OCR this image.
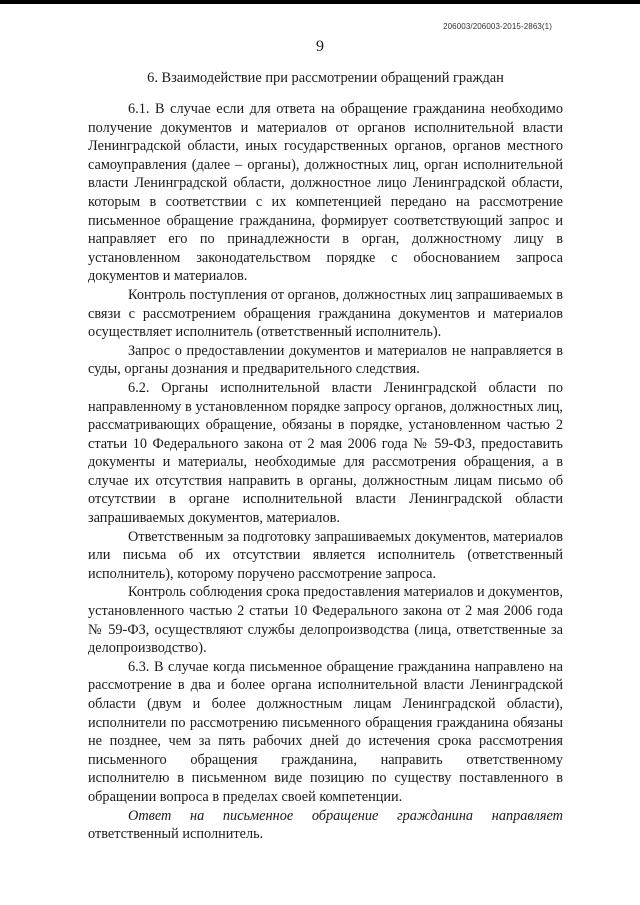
206003/206003-2015-2863(1)
9
6. Взаимодействие при рассмотрении обращений граждан

6.1. В случае если для ответа на обращение гражданина необходимо получение документов и материалов от органов исполнительной власти Ленинградской области, иных государственных органов, органов местного самоуправления (далее – органы), должностных лиц, орган исполнительной власти Ленинградской области, должностное лицо Ленинградской области, которым в соответствии с их компетенцией передано на рассмотрение письменное обращение гражданина, формирует соответствующий запрос и направляет его по принадлежности в орган, должностному лицу в установленном законодательством порядке с обоснованием запроса документов и материалов.

Контроль поступления от органов, должностных лиц запрашиваемых в связи с рассмотрением обращения гражданина документов и материалов осуществляет исполнитель (ответственный исполнитель).

Запрос о предоставлении документов и материалов не направляется в суды, органы дознания и предварительного следствия.

6.2. Органы исполнительной власти Ленинградской области по направленному в установленном порядке запросу органов, должностных лиц, рассматривающих обращение, обязаны в порядке, установленном частью 2 статьи 10 Федерального закона от 2 мая 2006 года № 59-ФЗ, предоставить документы и материалы, необходимые для рассмотрения обращения, а в случае их отсутствия направить в органы, должностным лицам письмо об отсутствии в органе исполнительной власти Ленинградской области запрашиваемых документов, материалов.

Ответственным за подготовку запрашиваемых документов, материалов или письма об их отсутствии является исполнитель (ответственный исполнитель), которому поручено рассмотрение запроса.

Контроль соблюдения срока предоставления материалов и документов, установленного частью 2 статьи 10 Федерального закона от 2 мая 2006 года № 59-ФЗ, осуществляют службы делопроизводства (лица, ответственные за делопроизводство).

6.3. В случае когда письменное обращение гражданина направлено на рассмотрение в два и более органа исполнительной власти Ленинградской области (двум и более должностным лицам Ленинградской области), исполнители по рассмотрению письменного обращения гражданина обязаны не позднее, чем за пять рабочих дней до истечения срока рассмотрения письменного обращения гражданина, направить ответственному исполнителю в письменном виде позицию по существу поставленного в обращении вопроса в пределах своей компетенции.

Ответ на письменное обращение гражданина направляет ответственный исполнитель.
